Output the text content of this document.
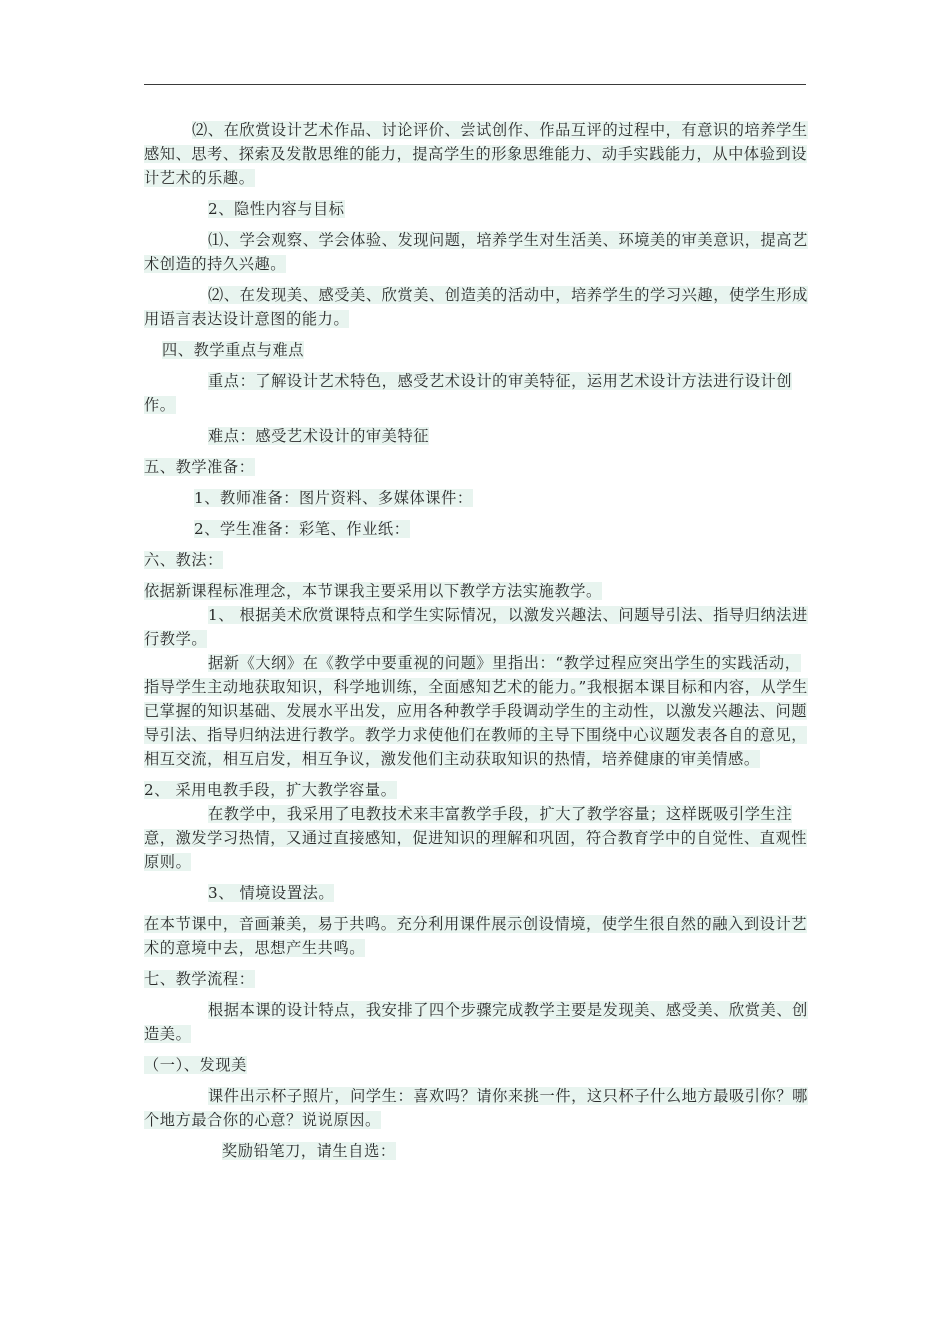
⑵、在欣赏设计艺术作品、讨论评价、尝试创作、作品互评的过程中，有意识的培养学生感知、思考、探索及发散思维的能力，提高学生的形象思维能力、动手实践能力，从中体验到设计艺术的乐趣。

2、隐性内容与目标

⑴、学会观察、学会体验、发现问题，培养学生对生活美、环境美的审美意识，提高艺术创造的持久兴趣。

⑵、在发现美、感受美、欣赏美、创造美的活动中，培养学生的学习兴趣，使学生形成用语言表达设计意图的能力。

四、教学重点与难点

重点：了解设计艺术特色，感受艺术设计的审美特征，运用艺术设计方法进行设计创作。

难点：感受艺术设计的审美特征

五、教学准备：

1、教师准备：图片资料、多媒体课件：

2、学生准备：彩笔、作业纸：

六、教法：

依据新课程标准理念，本节课我主要采用以下教学方法实施教学。

1、 根据美术欣赏课特点和学生实际情况，以激发兴趣法、问题导引法、指导归纳法进行教学。

据新《大纲》在《教学中要重视的问题》里指出：“教学过程应突出学生的实践活动，指导学生主动地获取知识，科学地训练，全面感知艺术的能力。”我根据本课目标和内容，从学生已掌握的知识基础、发展水平出发，应用各种教学手段调动学生的主动性，以激发兴趣法、问题导引法、指导归纳法进行教学。教学力求使他们在教师的主导下围绕中心议题发表各自的意见，相互交流，相互启发，相互争议，激发他们主动获取知识的热情，培养健康的审美情感。

2、 采用电教手段，扩大教学容量。

在教学中，我采用了电教技术来丰富教学手段，扩大了教学容量；这样既吸引学生注意，激发学习热情，又通过直接感知，促进知识的理解和巩固，符合教育学中的自觉性、直观性原则。

3、 情境设置法。

在本节课中，音画兼美，易于共鸣。充分利用课件展示创设情境，使学生很自然的融入到设计艺术的意境中去，思想产生共鸣。

七、教学流程：

根据本课的设计特点，我安排了四个步骤完成教学主要是发现美、感受美、欣赏美、创造美。

（一）、发现美

课件出示杯子照片，问学生：喜欢吗？请你来挑一件，这只杯子什么地方最吸引你？哪个地方最合你的心意？说说原因。

奖励铅笔刀，请生自选：
